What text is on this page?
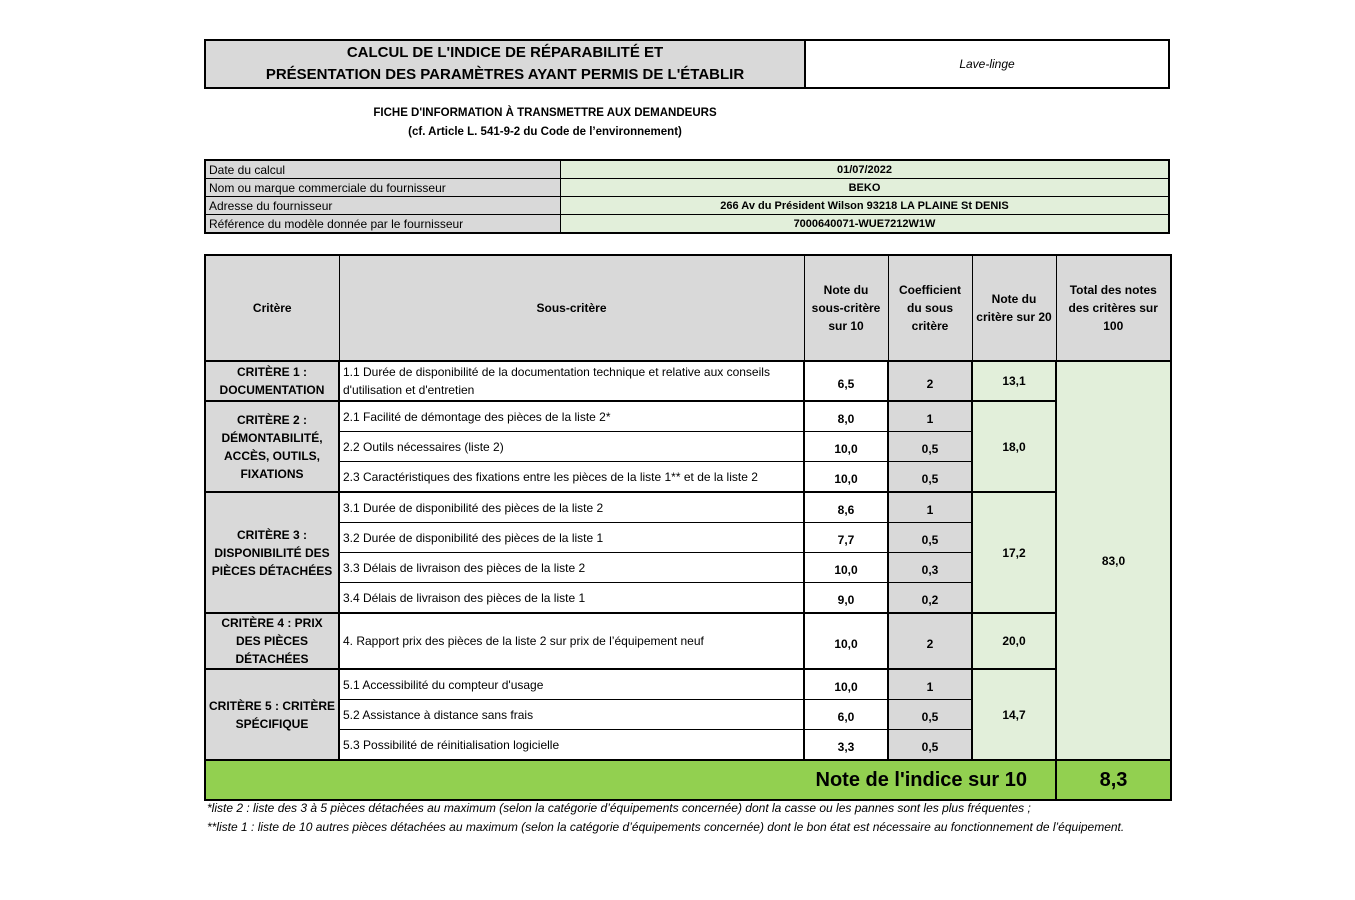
CALCUL DE L'INDICE DE RÉPARABILITÉ ET
PRÉSENTATION DES PARAMÈTRES AYANT PERMIS DE L'ÉTABLIR
Lave-linge
FICHE D'INFORMATION À TRANSMETTRE AUX DEMANDEURS
(cf. Article L. 541-9-2 du Code de l’environnement)
Date du calcul	01/07/2022
Nom ou marque commerciale du fournisseur	BEKO
Adresse du fournisseur	266 Av du Président Wilson 93218 LA PLAINE St DENIS
Référence du modèle donnée par le fournisseur	7000640071-WUE7212W1W
Critère	Sous-critère	Note du sous-critère sur 10	Coefficient du sous critère	Note du critère sur 20	Total des notes des critères sur 100
CRITÈRE 1 : DOCUMENTATION	1.1 Durée de disponibilité de la documentation technique et relative aux conseils d'utilisation et d'entretien	6,5	2	13,1	83,0
CRITÈRE 2 : DÉMONTABILITÉ, ACCÈS, OUTILS, FIXATIONS	2.1 Facilité de démontage des pièces de la liste 2*	8,0	1	18,0	
	2.2 Outils nécessaires (liste 2)	10,0	0,5		
	2.3 Caractéristiques des fixations entre les pièces de la liste 1** et de la liste 2	10,0	0,5		
CRITÈRE 3 : DISPONIBILITÉ DES PIÈCES DÉTACHÉES	3.1 Durée de disponibilité des pièces de la liste 2	8,6	1	17,2	
	3.2 Durée de disponibilité des pièces de la liste 1	7,7	0,5		
	3.3 Délais de livraison des pièces de la liste 2	10,0	0,3		
	3.4 Délais de livraison des pièces de la liste 1	9,0	0,2		
CRITÈRE 4 : PRIX DES PIÈCES DÉTACHÉES	4. Rapport prix des pièces de la liste 2 sur prix de l’équipement neuf	10,0	2	20,0	
CRITÈRE 5 : CRITÈRE SPÉCIFIQUE	5.1 Accessibilité du compteur d'usage	10,0	1	14,7	
	5.2 Assistance à distance sans frais	6,0	0,5		
	5.3 Possibilité de réinitialisation logicielle	3,3	0,5		
Note de l'indice sur 10					8,3

*liste 2 : liste des 3 à 5 pièces détachées au maximum (selon la catégorie d’équipements concernée) dont la casse ou les pannes sont les plus fréquentes ;

**liste 1 : liste de 10 autres pièces détachées au maximum (selon la catégorie d’équipements concernée) dont le bon état est nécessaire au fonctionnement de l’équipement.
